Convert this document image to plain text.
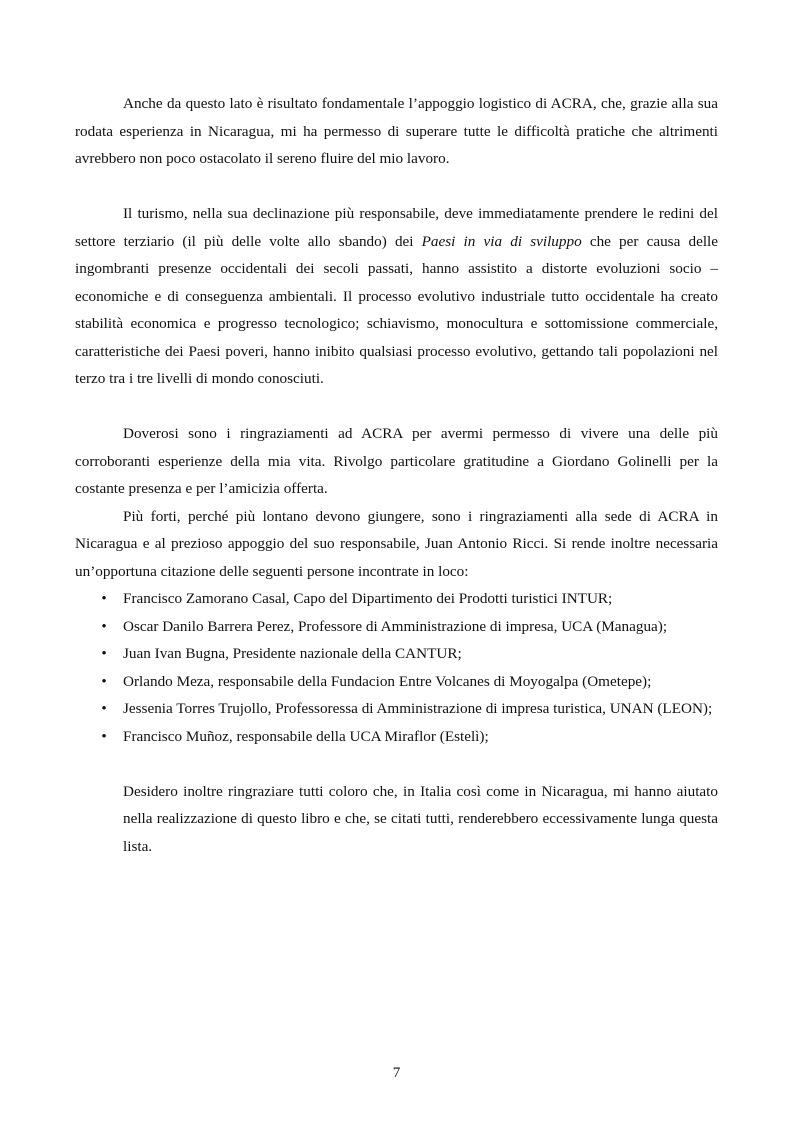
Anche da questo lato è risultato fondamentale l’appoggio logistico di ACRA, che, grazie alla sua rodata esperienza in Nicaragua, mi ha permesso di superare tutte le difficoltà pratiche che altrimenti avrebbero non poco ostacolato il sereno fluire del mio lavoro.

Il turismo, nella sua declinazione più responsabile, deve immediatamente prendere le redini del settore terziario (il più delle volte allo sbando) dei Paesi in via di sviluppo che per causa delle ingombranti presenze occidentali dei secoli passati, hanno assistito a distorte evoluzioni socio – economiche e di conseguenza ambientali. Il processo evolutivo industriale tutto occidentale ha creato stabilità economica e progresso tecnologico; schiavismo, monocultura e sottomissione commerciale, caratteristiche dei Paesi poveri, hanno inibito qualsiasi processo evolutivo, gettando tali popolazioni nel terzo tra i tre livelli di mondo conosciuti.

Doverosi sono i ringraziamenti ad ACRA per avermi permesso di vivere una delle più corroboranti esperienze della mia vita. Rivolgo particolare gratitudine a Giordano Golinelli per la costante presenza e per l’amicizia offerta.

Più forti, perché più lontano devono giungere, sono i ringraziamenti alla sede di ACRA in Nicaragua e al prezioso appoggio del suo responsabile, Juan Antonio Ricci. Si rende inoltre necessaria un’opportuna citazione delle seguenti persone incontrate in loco:

• Francisco Zamorano Casal, Capo del Dipartimento dei Prodotti turistici INTUR;
• Oscar Danilo Barrera Perez, Professore di Amministrazione di impresa, UCA (Managua);
• Juan Ivan Bugna, Presidente nazionale della CANTUR;
• Orlando Meza, responsabile della Fundacion Entre Volcanes di Moyogalpa (Ometepe);
• Jessenia Torres Trujollo, Professoressa di Amministrazione di impresa turistica, UNAN (LEON);
• Francisco Muñoz, responsabile della UCA Miraflor (Estelì);

Desidero inoltre ringraziare tutti coloro che, in Italia così come in Nicaragua, mi hanno aiutato nella realizzazione di questo libro e che, se citati tutti, renderebbero eccessivamente lunga questa lista.

7
